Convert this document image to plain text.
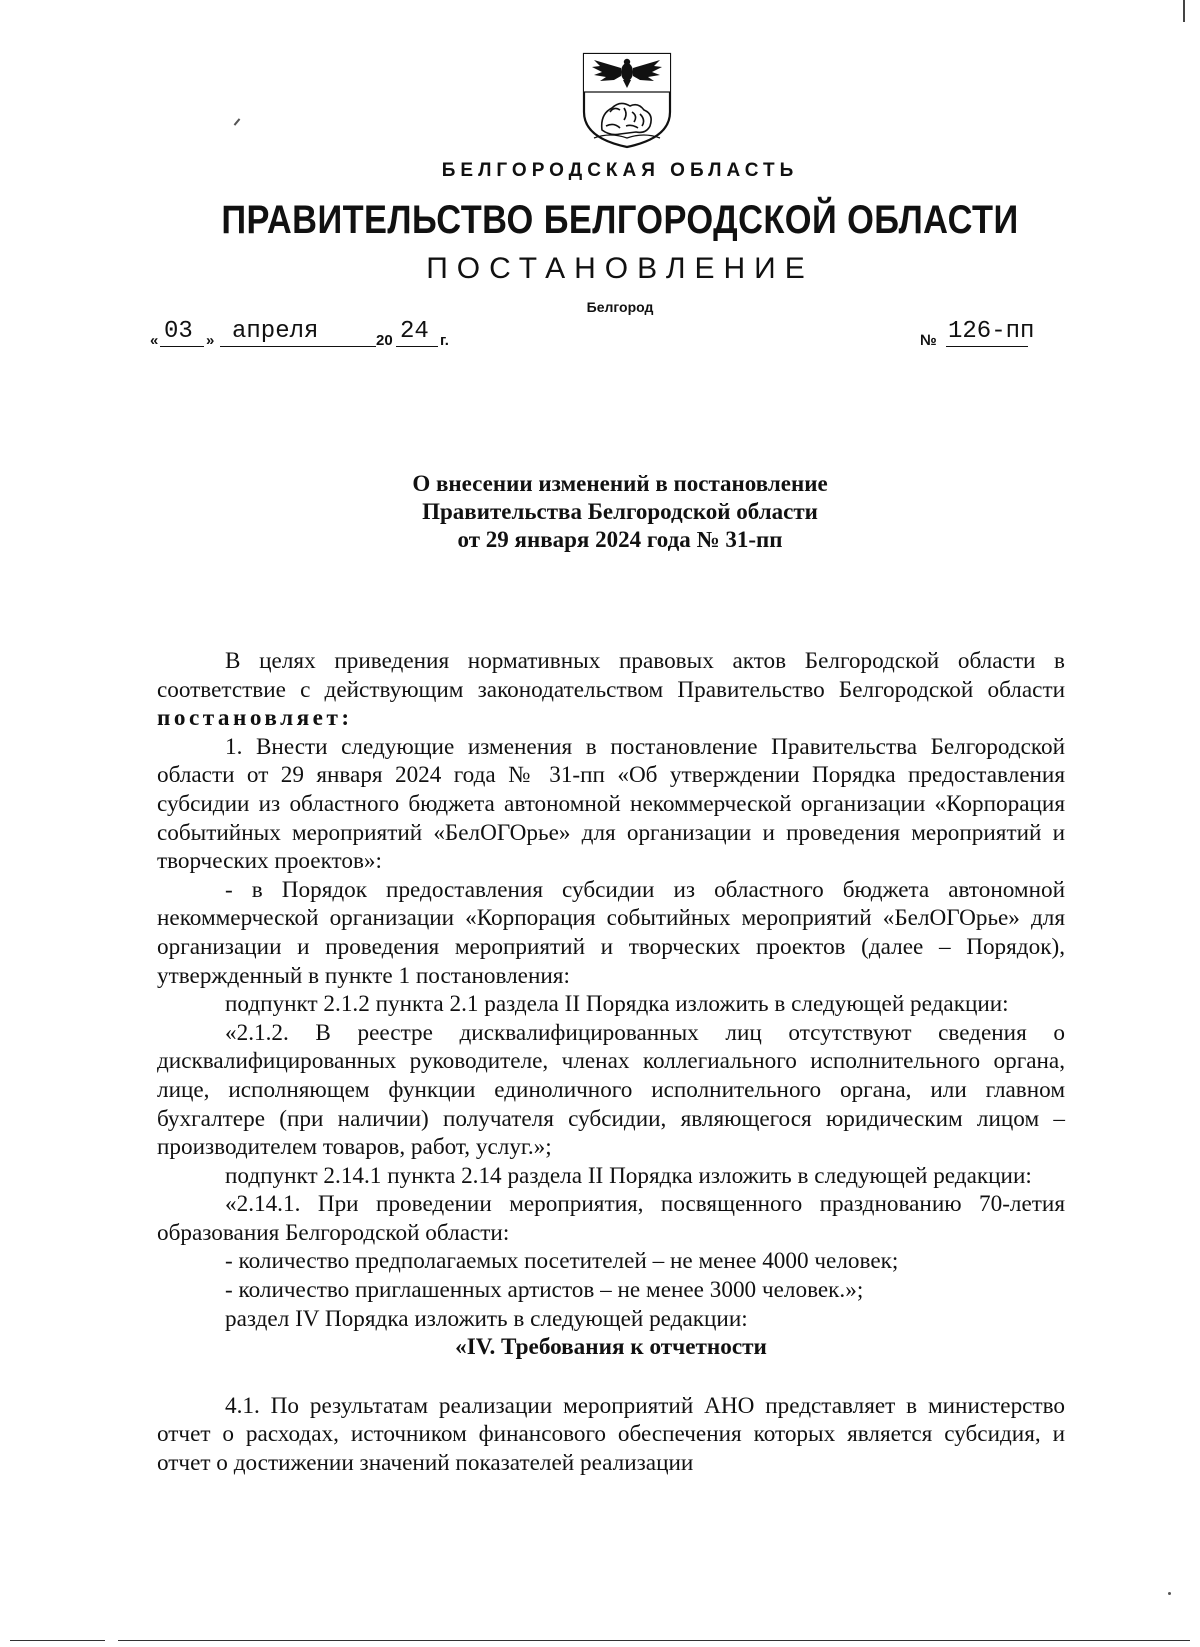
БЕЛГОРОДСКАЯ ОБЛАСТЬ
ПРАВИТЕЛЬСТВО БЕЛГОРОДСКОЙ ОБЛАСТИ
ПОСТАНОВЛЕНИЕ
Белгород
« 03 » апреля	20 24 г.	№ 126-пп
О внесении изменений в постановление
Правительства Белгородской области
от 29 января 2024 года № 31-пп

В целях приведения нормативных правовых актов Белгородской области в соответствие с действующим законодательством Правительство Белгородской области постановляет:

1. Внести следующие изменения в постановление Правительства Белгородской области от 29 января 2024 года № 31-пп «Об утверждении Порядка предоставления субсидии из областного бюджета автономной некоммерческой организации «Корпорация событийных мероприятий «БелОГОрье» для организации и проведения мероприятий и творческих проектов»:

- в Порядок предоставления субсидии из областного бюджета автономной некоммерческой организации «Корпорация событийных мероприятий «БелОГОрье» для организации и проведения мероприятий и творческих проектов (далее – Порядок), утвержденный в пункте 1 постановления:

подпункт 2.1.2 пункта 2.1 раздела II Порядка изложить в следующей редакции:

«2.1.2. В реестре дисквалифицированных лиц отсутствуют сведения о дисквалифицированных руководителе, членах коллегиального исполнительного органа, лице, исполняющем функции единоличного исполнительного органа, или главном бухгалтере (при наличии) получателя субсидии, являющегося юридическим лицом – производителем товаров, работ, услуг.»;

подпункт 2.14.1 пункта 2.14 раздела II Порядка изложить в следующей редакции:

«2.14.1. При проведении мероприятия, посвященного празднованию 70-летия образования Белгородской области:

- количество предполагаемых посетителей – не менее 4000 человек;

- количество приглашенных артистов – не менее 3000 человек.»;

раздел IV Порядка изложить в следующей редакции:

«IV. Требования к отчетности

4.1. По результатам реализации мероприятий АНО представляет в министерство отчет о расходах, источником финансового обеспечения которых является субсидия, и отчет о достижении значений показателей реализации
